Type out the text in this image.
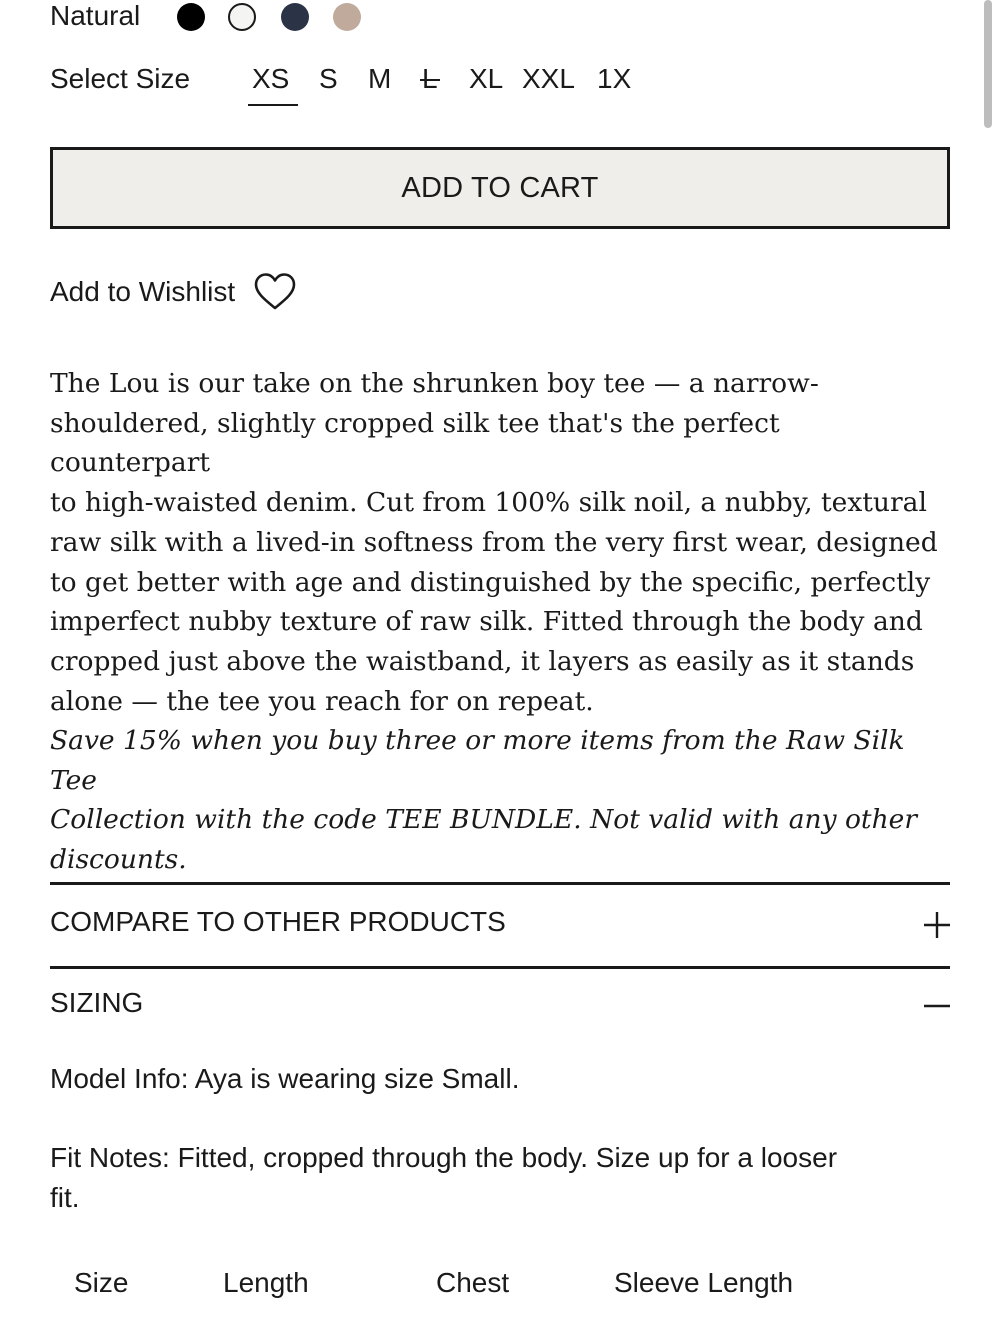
Natural
Select Size XS S M	XL XXL 1X
ADD TO CART
Add to Wishlist
The Lou is our take on the shrunken boy tee — a narrow-
shouldered, slightly cropped silk tee that's the perfect counterpart
to high-waisted denim. Cut from 100% silk noil, a nubby, textural
raw silk with a lived-in softness from the very first wear, designed
to get better with age and distinguished by the specific, perfectly
imperfect nubby texture of raw silk. Fitted through the body and
cropped just above the waistband, it layers as easily as it stands
alone — the tee you reach for on repeat.
Save 15% when you buy three or more items from the Raw Silk Tee
Collection with the code TEE BUNDLE. Not valid with any other
discounts.
COMPARE TO OTHER PRODUCTS
SIZING
Model Info: Aya is wearing size Small.
Fit Notes: Fitted, cropped through the body. Size up for a looser
fit.
Size	Length	Chest	Sleeve Length
